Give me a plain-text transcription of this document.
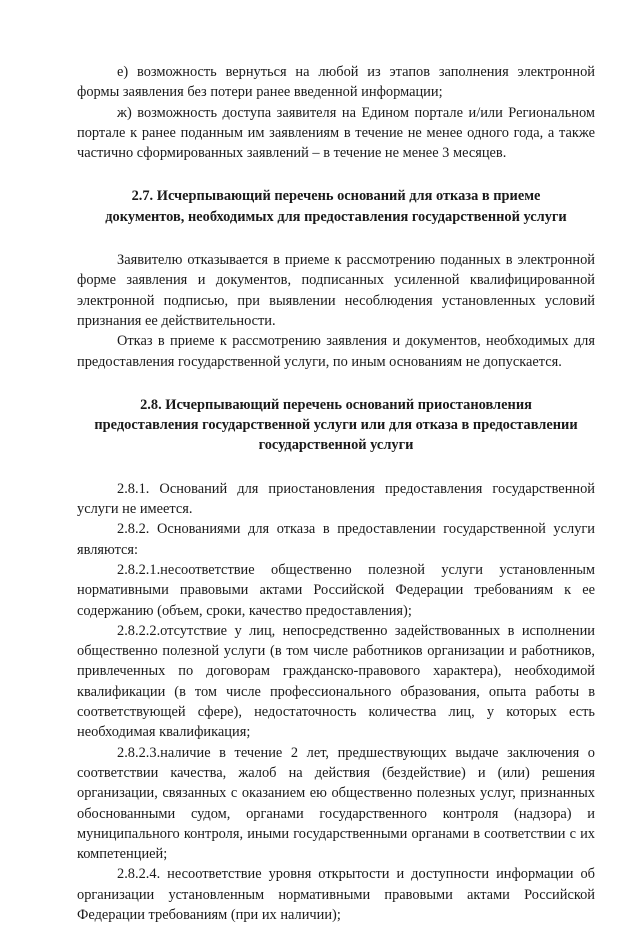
е) возможность вернуться на любой из этапов заполнения электронной формы заявления без потери ранее введенной информации;

ж) возможность доступа заявителя на Едином портале и/или Региональном портале к ранее поданным им заявлениям в течение не менее одного года, а также частично сформированных заявлений – в течение не менее 3 месяцев.

2.7. Исчерпывающий перечень оснований для отказа в приеме
документов, необходимых для предоставления государственной услуги

Заявителю отказывается в приеме к рассмотрению поданных в электронной форме заявления и документов, подписанных усиленной квалифицированной электронной подписью, при выявлении несоблюдения установленных условий признания ее действительности.

Отказ в приеме к рассмотрению заявления и документов, необходимых для предоставления государственной услуги, по иным основаниям не допускается.

2.8. Исчерпывающий перечень оснований приостановления
предоставления государственной услуги или для отказа в предоставлении
государственной услуги

2.8.1. Оснований для приостановления предоставления государственной услуги не имеется.

2.8.2. Основаниями для отказа в предоставлении государственной услуги являются:

2.8.2.1.несоответствие общественно полезной услуги установленным нормативными правовыми актами Российской Федерации требованиям к ее содержанию (объем, сроки, качество предоставления);

2.8.2.2.отсутствие у лиц, непосредственно задействованных в исполнении общественно полезной услуги (в том числе работников организации и работников, привлеченных по договорам гражданско-правового характера), необходимой квалификации (в том числе профессионального образования, опыта работы в соответствующей сфере), недостаточность количества лиц, у которых есть необходимая квалификация;

2.8.2.3.наличие в течение 2 лет, предшествующих выдаче заключения о соответствии качества, жалоб на действия (бездействие) и (или) решения организации, связанных с оказанием ею общественно полезных услуг, признанных обоснованными судом, органами государственного контроля (надзора) и муниципального контроля, иными государственными органами в соответствии с их компетенцией;

2.8.2.4. несоответствие уровня открытости и доступности информации об организации установленным нормативными правовыми актами Российской Федерации требованиям (при их наличии);
